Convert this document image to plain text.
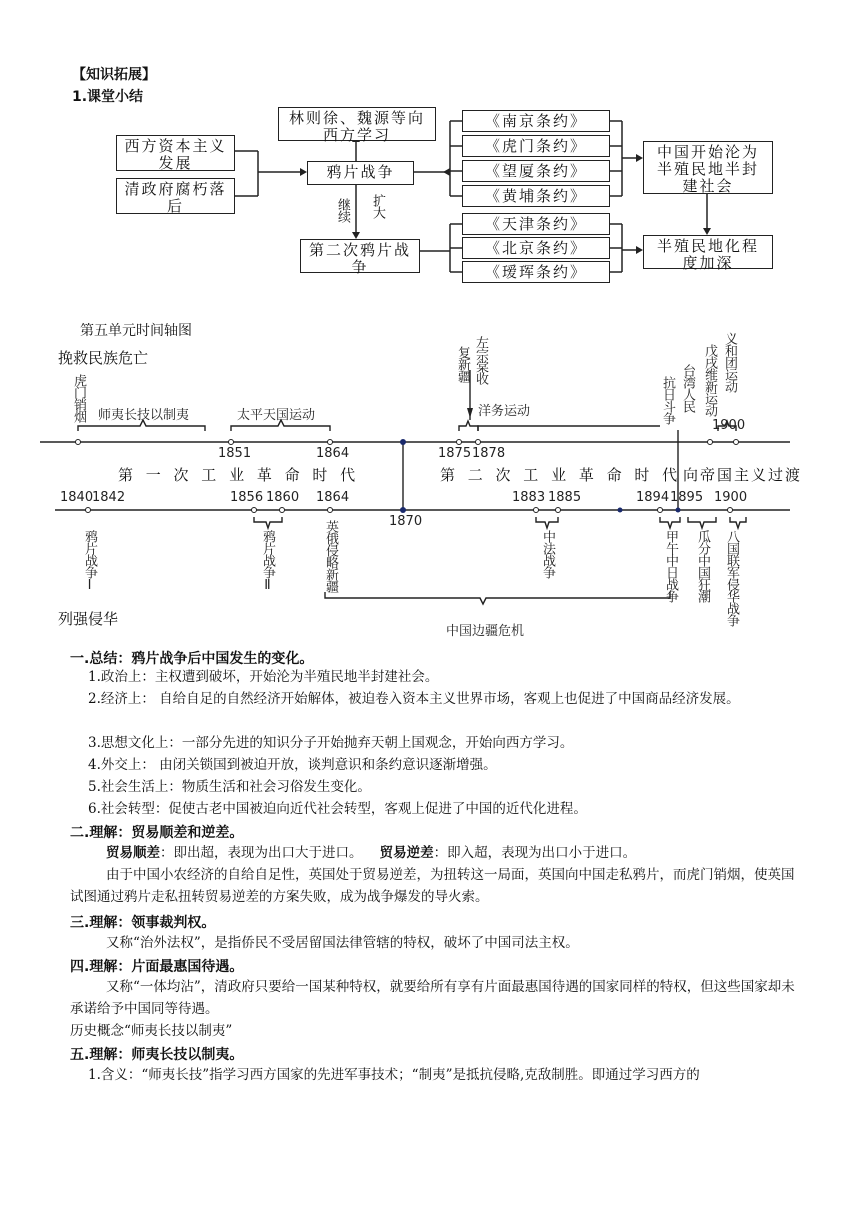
【知识拓展】
1.课堂小结
西方资本主义发展
清政府腐朽落后
林则徐、魏源等向西方学习
鸦片战争
《南京条约》
《虎门条约》
《望厦条约》
《黄埔条约》
中国开始沦为半殖民地半封建社会
继续 扩大
第二次鸦片战争
《天津条约》
《北京条约》
《瑷珲条约》
半殖民地化程度加深
第五单元时间轴图
挽救民族危亡
列强侵华
虎门销烟 师夷长技以制夷	太平天国运动
复新疆 左宗棠收
洋务运动	抗日斗争 台湾人民 戊戌维新运动 义和团运动
1851	1864	1875 1878
1900
第 一 次 工 业 革 命 时 代	第 二 次 工 业 革 命 时 代 向帝国主义过渡
1840
1842	1856 1860 1864
1870
1883 1885	1894 1895 1900
鸦片战争Ⅰ	鸦片战争Ⅱ	英俄侵略新疆	中法战争	甲午中日战争 瓜分中国狂潮 八国联军侵华战争
中国边疆危机
一.总结：鸦片战争后中国发生的变化。
1.政治上：主权遭到破坏，开始沦为半殖民地半封建社会。
2.经济上： 自给自足的自然经济开始解体，被迫卷入资本主义世界市场，客观上也促进了中国商品经济发展。
3.思想文化上：一部分先进的知识分子开始抛弃天朝上国观念，开始向西方学习。
4.外交上： 由闭关锁国到被迫开放，谈判意识和条约意识逐渐增强。
5.社会生活上：物质生活和社会习俗发生变化。
6.社会转型：促使古老中国被迫向近代社会转型，客观上促进了中国的近代化进程。
二.理解：贸易顺差和逆差。
贸易顺差：即出超，表现为出口大于进口。 贸易逆差：即入超，表现为出口小于进口。
由于中国小农经济的自给自足性，英国处于贸易逆差，为扭转这一局面，英国向中国走私鸦片，而虎门销烟，使英国试图通过鸦片走私扭转贸易逆差的方案失败，成为战争爆发的导火索。
三.理解：领事裁判权。
又称“治外法权”，是指侨民不受居留国法律管辖的特权，破坏了中国司法主权。
四.理解：片面最惠国待遇。
又称“一体均沾”，清政府只要给一国某种特权，就要给所有享有片面最惠国待遇的国家同样的特权，但这些国家却未承诺给予中国同等待遇。
历史概念“师夷长技以制夷”
五.理解：师夷长技以制夷。
1.含义：“师夷长技”指学习西方国家的先进军事技术；“制夷”是抵抗侵略,克敌制胜。即通过学习西方的
